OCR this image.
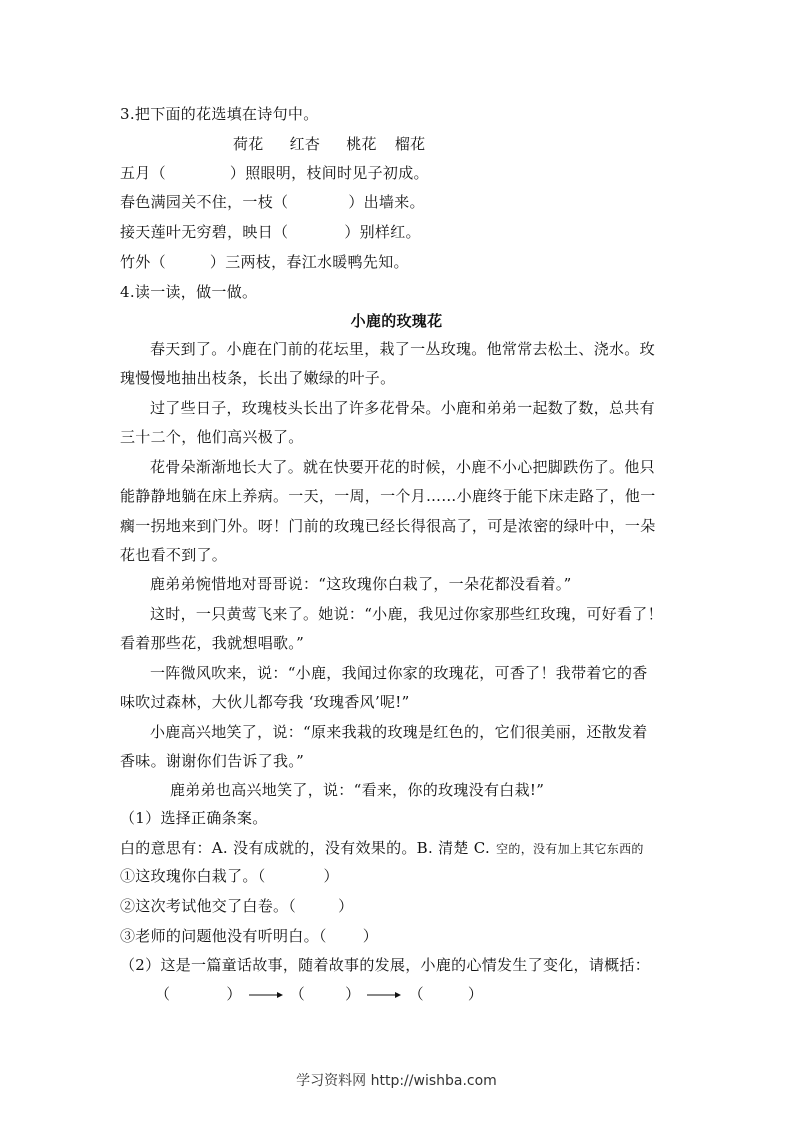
3.把下面的花选填在诗句中。
荷花 红杏 桃花 榴花
五月（	）照眼明，枝间时见子初成。
春色满园关不住，一枝（	）出墙来。
接天莲叶无穷碧，映日（	）别样红。
竹外（	）三两枝，春江水暖鸭先知。
4.读一读，做一做。
小鹿的玫瑰花
春天到了。小鹿在门前的花坛里，栽了一丛玫瑰。他常常去松土、浇水。玫
瑰慢慢地抽出枝条，长出了嫩绿的叶子。
过了些日子，玫瑰枝头长出了许多花骨朵。小鹿和弟弟一起数了数，总共有
三十二个，他们高兴极了。
花骨朵渐渐地长大了。就在快要开花的时候，小鹿不小心把脚跌伤了。他只
能静静地躺在床上养病。一天，一周，一个月……小鹿终于能下床走路了，他一
瘸一拐地来到门外。呀！门前的玫瑰已经长得很高了，可是浓密的绿叶中，一朵
花也看不到了。
鹿弟弟惋惜地对哥哥说：“这玫瑰你白栽了，一朵花都没看着。”
这时，一只黄莺飞来了。她说：“小鹿，我见过你家那些红玫瑰，可好看了！
看着那些花，我就想唱歌。”
一阵微风吹来，说：“小鹿，我闻过你家的玫瑰花，可香了！我带着它的香
味吹过森林，大伙儿都夸我 ‘玫瑰香风’呢!”
小鹿高兴地笑了，说：“原来我栽的玫瑰是红色的，它们很美丽，还散发着
香味。谢谢你们告诉了我。”
鹿弟弟也高兴地笑了，说：“看来，你的玫瑰没有白栽!”
（1）选择正确条案。
白的意思有：A. 没有成就的，没有效果的。B. 清楚 C. 空的，没有加上其它东西的
①这玫瑰你白栽了。（	）
②这次考试他交了白卷。（	）
③老师的问题他没有听明白。（ ）
（2）这是一篇童话故事，随着故事的发展，小鹿的心情发生了变化，请概括：
（	）	（	）	（	）
学习资料网 http://wishba.com
